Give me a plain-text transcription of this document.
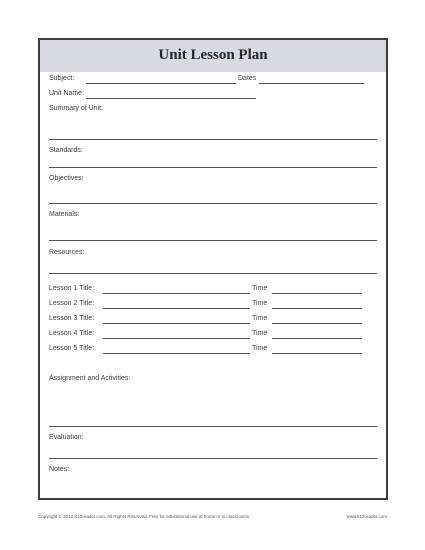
Unit Lesson Plan
Subject:	Dates
Unit Name:
Summary of Unit:
Standards:
Objectives:
Materials:
Resources:
Lesson 1 Title:	Time
Lesson 2 Title:	Time
Lesson 3 Title:	Time
Lesson 4 Title:	Time
Lesson 5 Title:	Time
Assignment and Activities:
Evaluation:
Notes:
Copyright © 2012 K12reader.com. All Rights Reserved. Free for educational use at home or in classrooms.	www.k12reader.com
